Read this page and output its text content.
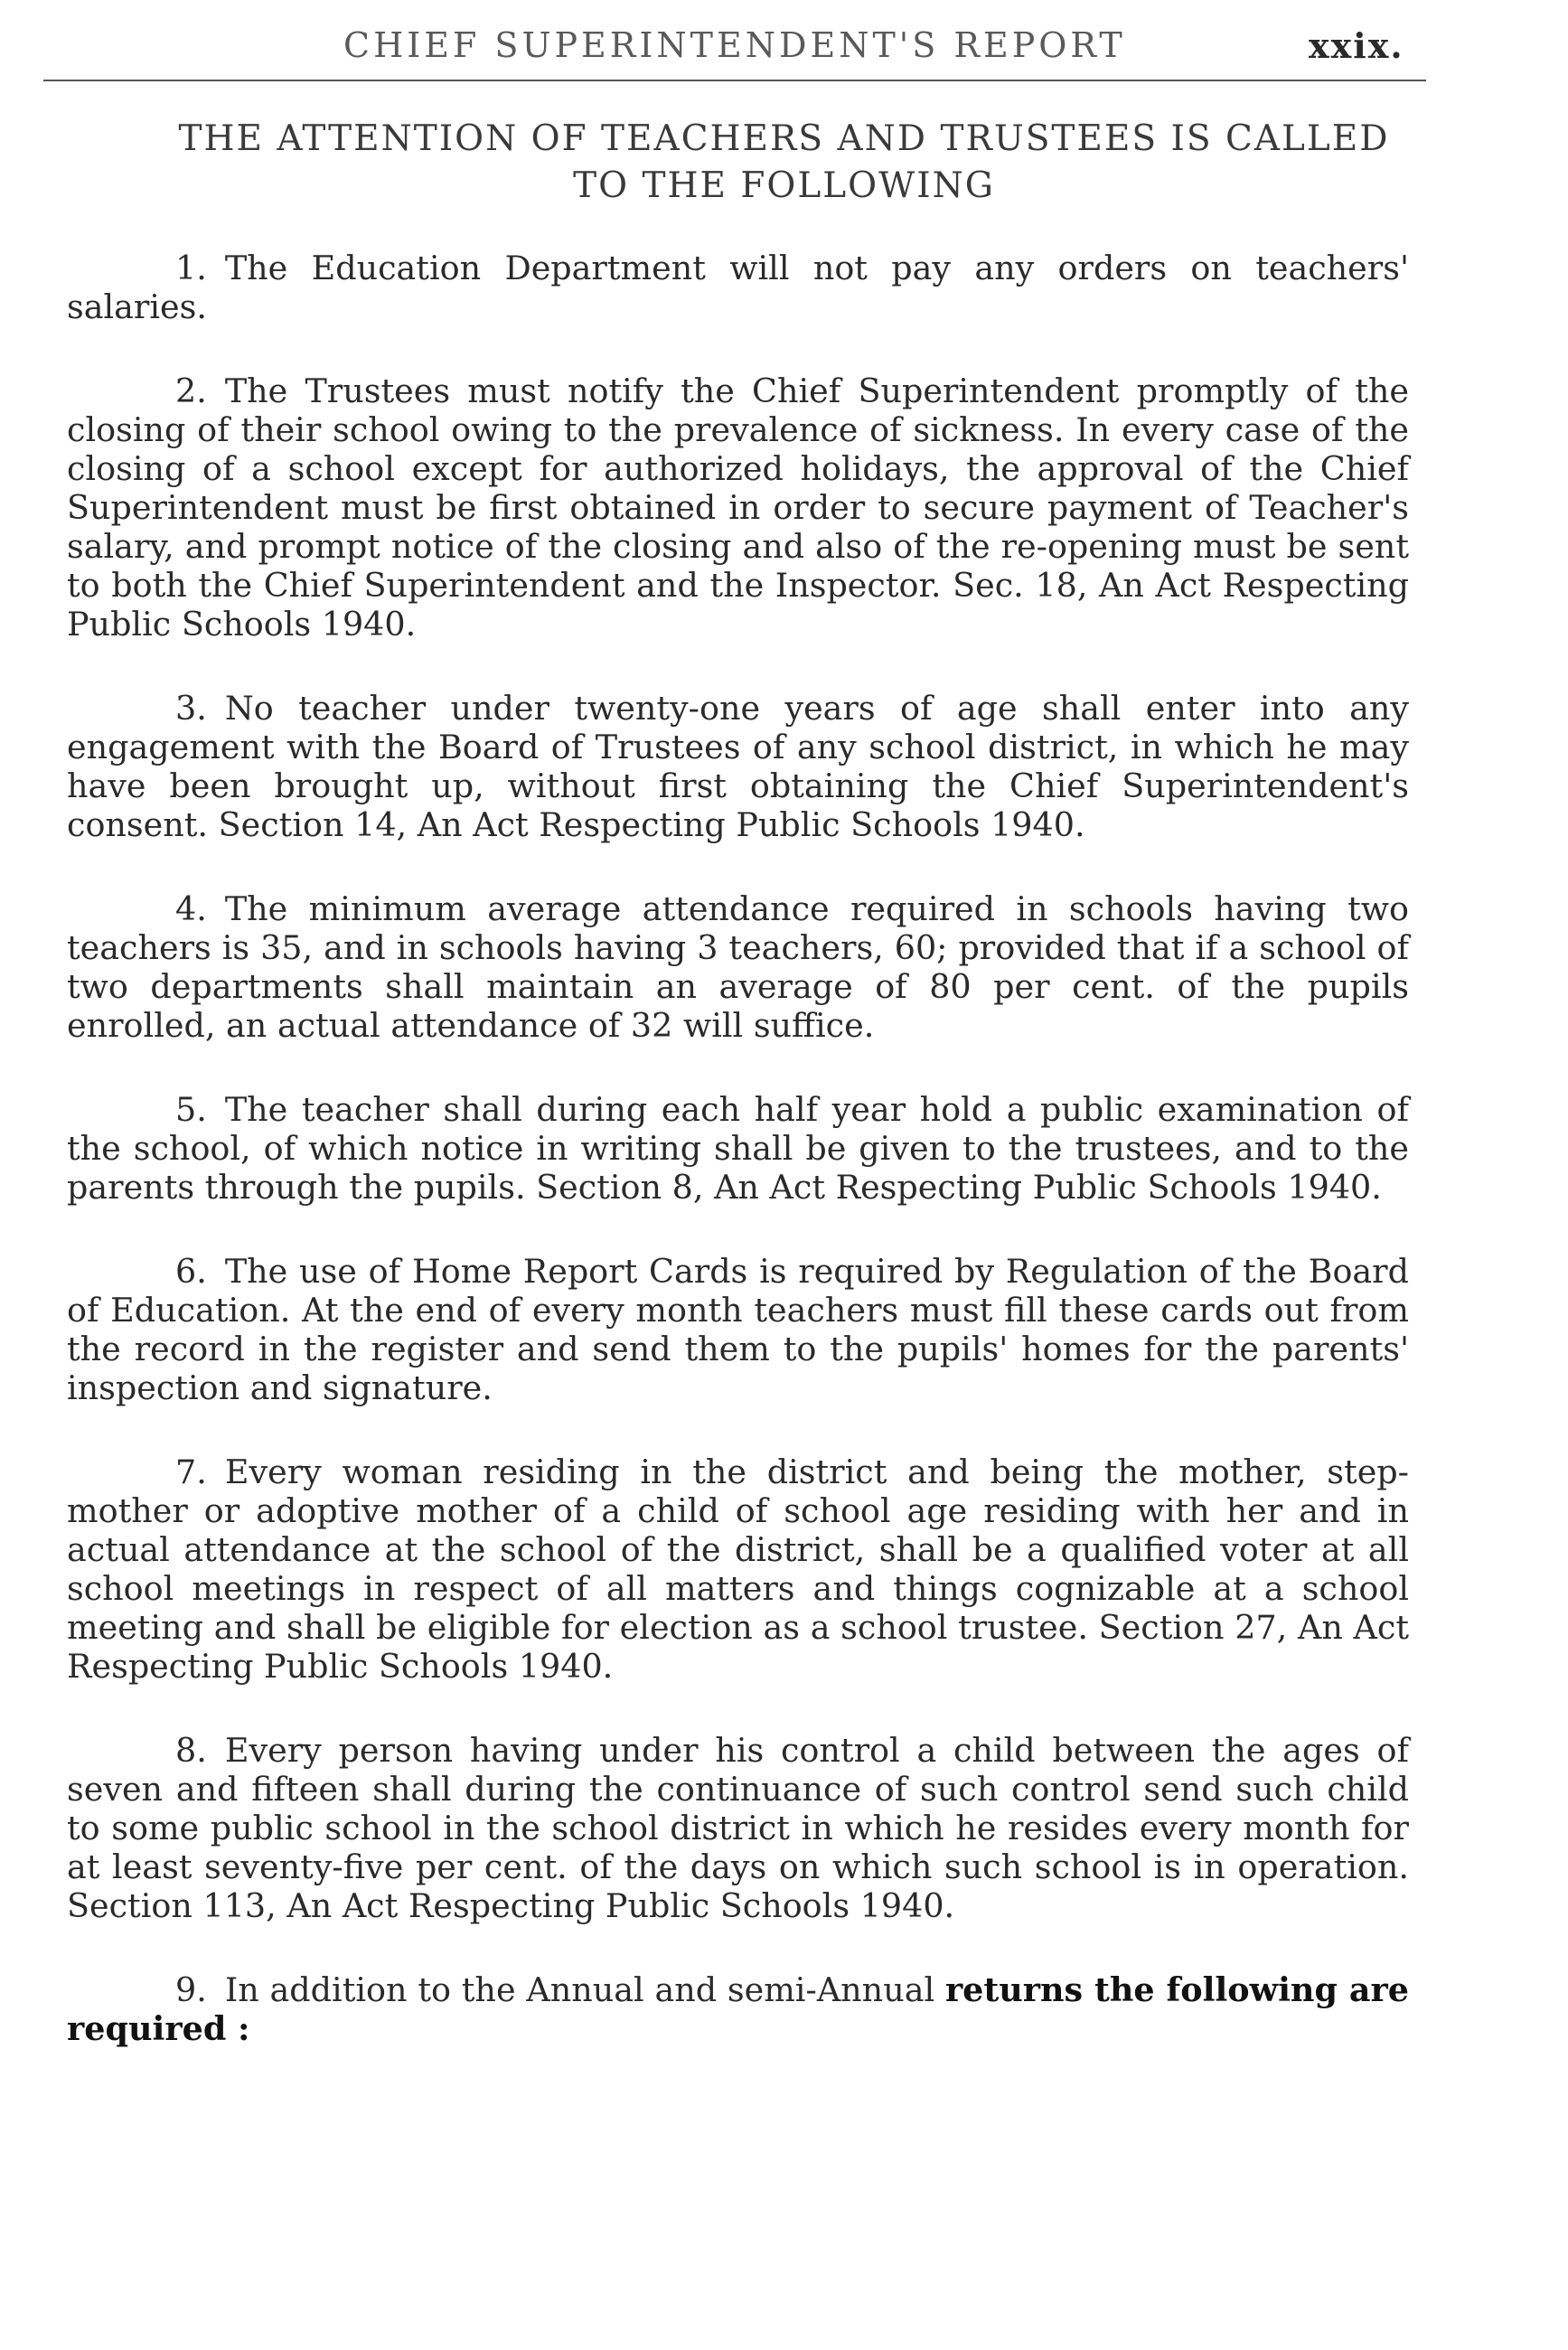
CHIEF SUPERINTENDENT'S REPORT	xxix.
THE ATTENTION OF TEACHERS AND TRUSTEES IS CALLED
TO THE FOLLOWING

1. The Education Department will not pay any orders on teachers' salaries.

2. The Trustees must notify the Chief Superintendent promptly of the closing of their school owing to the prevalence of sickness. In every case of the closing of a school except for authorized holidays, the approval of the Chief Superintendent must be first obtained in order to secure payment of Teacher's salary, and prompt notice of the closing and also of the re-opening must be sent to both the Chief Superintendent and the Inspector. Sec. 18, An Act Respecting Public Schools 1940.

3. No teacher under twenty-one years of age shall enter into any engagement with the Board of Trustees of any school district, in which he may have been brought up, without first obtaining the Chief Superintendent's consent. Section 14, An Act Respecting Public Schools 1940.

4. The minimum average attendance required in schools having two teachers is 35, and in schools having 3 teachers, 60; provided that if a school of two departments shall maintain an average of 80 per cent. of the pupils enrolled, an actual attendance of 32 will suffice.

5. The teacher shall during each half year hold a public examination of the school, of which notice in writing shall be given to the trustees, and to the parents through the pupils. Section 8, An Act Respecting Public Schools 1940.

6. The use of Home Report Cards is required by Regulation of the Board of Education. At the end of every month teachers must fill these cards out from the record in the register and send them to the pupils' homes for the parents' inspection and signature.

7. Every woman residing in the district and being the mother, step-mother or adoptive mother of a child of school age residing with her and in actual attendance at the school of the district, shall be a qualified voter at all school meetings in respect of all matters and things cognizable at a school meeting and shall be eligible for election as a school trustee. Section 27, An Act Respecting Public Schools 1940.

8. Every person having under his control a child between the ages of seven and fifteen shall during the continuance of such control send such child to some public school in the school district in which he resides every month for at least seventy-five per cent. of the days on which such school is in operation. Section 113, An Act Respecting Public Schools 1940.

9. In addition to the Annual and semi-Annual returns the following are required :
